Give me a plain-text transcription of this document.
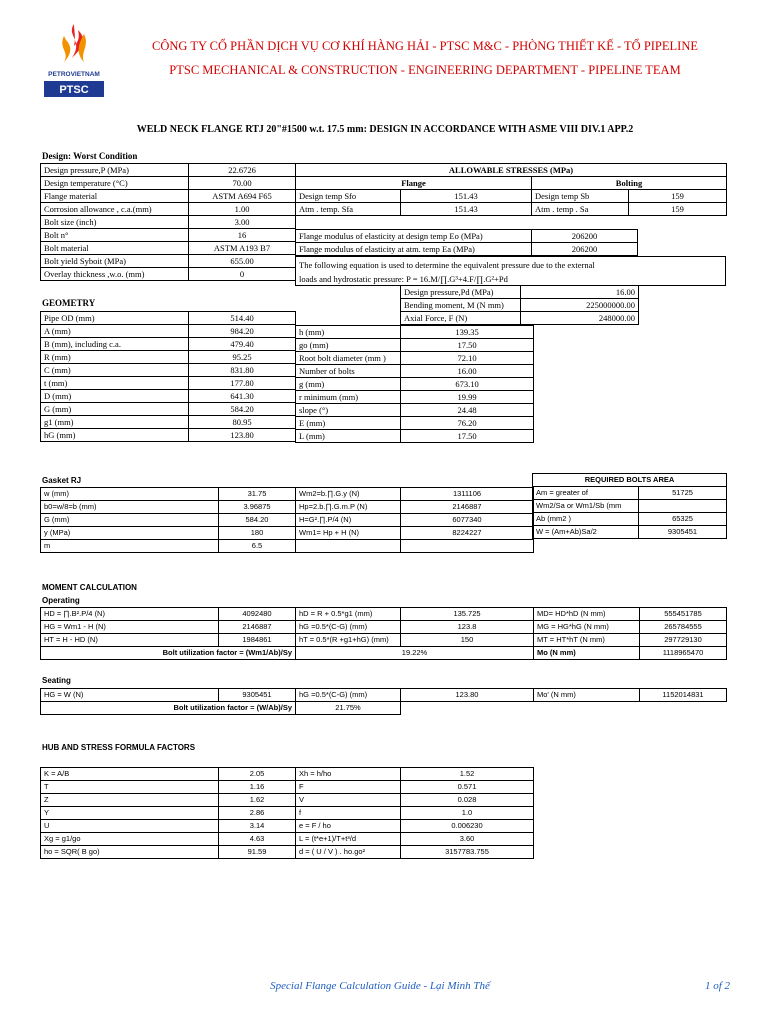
PETROVIETNAM
PTSC
CÔNG TY CỔ PHẦN DỊCH VỤ CƠ KHÍ HÀNG HẢI - PTSC M&C - PHÒNG THIẾT KẾ - TỔ PIPELINE
PTSC MECHANICAL & CONSTRUCTION - ENGINEERING DEPARTMENT - PIPELINE TEAM
WELD NECK FLANGE RTJ 20"#1500 w.t. 17.5 mm: DESIGN IN ACCORDANCE WITH ASME VIII DIV.1 APP.2
Design: Worst Condition
Design pressure,P (MPa)	22.6726
Design temperature (°C)	70.00
Flange material	ASTM A694 F65
Corrosion allowance , c.a.(mm)	1.00
Bolt size (inch)	3.00
Bolt n°	16
Bolt material	ASTM A193 B7
Bolt yield Syboit (MPa)	655.00
Overlay thickness ,w.o. (mm)	0
ALLOWABLE STRESSES (MPa)			
Flange		Bolting	
Design temp Sfo	151.43	Design temp Sb	159
Atm . temp. Sfa	151.43	Atm . temp . Sa	159
Flange modulus of elasticity at design temp Eo (MPa)	206200
Flange modulus of elasticity at atm. temp Ea (MPa)	206200
The following equation is used to determine the equivalent pressure due to the external
loads and hydrostatic pressure: P = 16.M/∏.G³+4.F/∏.G²+Pd
Design pressure,Pd (MPa)	16.00
Bending moment, M (N mm)	225000000.00
Axial Force, F (N)	248000.00
GEOMETRY
Pipe OD (mm)	514.40
A (mm)	984.20
B (mm), including c.a.	479.40
R (mm)	95.25
C (mm)	831.80
t (mm)	177.80
D (mm)	641.30
G (mm)	584.20
g1 (mm)	80.95
hG (mm)	123.80
h (mm)	139.35
go (mm)	17.50
Root bolt diameter (mm )	72.10
Number of bolts	16.00
g (mm)	673.10
r minimum (mm)	19.99
slope (°)	24.48
E (mm)	76.20
L (mm)	17.50
Gasket RJ
w (mm)	31.75	Wm2=b.∏.G.y (N)	1311106
b0=w/8=b (mm)	3.96875	Hp=2.b.∏.G.m.P (N)	2146887
G (mm)	584.20	H=G².∏.P/4 (N)	6077340
y (MPa)	180	Wm1= Hp + H (N)	8224227
m	6.5		
REQUIRED BOLTS AREA	
Am = greater of	51725
Wm2/Sa or Wm1/Sb (mm	
Ab (mm2 )	65325
W = (Am+Ab)Sa/2	9305451
MOMENT CALCULATION
Operating
HD = ∏.B².P/4 (N)	4092480	hD = R + 0.5*g1 (mm)	135.725	MD= HD*hD (N mm)	555451785
HG = Wm1 - H (N)	2146887	hG =0.5*(C-G) (mm)	123.8	MG = HG*hG (N mm)	265784555
HT = H - HD (N)	1984861	hT = 0.5*(R +g1+hG) (mm)	150	MT = HT*hT (N mm)	297729130
Bolt utilization factor = (Wm1/Ab)/Sy		19.22%		Mo (N mm)	1118965470
Seating
HG = W (N)	9305451	hG =0.5*(C-G) (mm)	123.80	Mo' (N mm)	1152014831
Bolt utilization factor = (W/Ab)/Sy		21.75%			
HUB AND STRESS FORMULA FACTORS
K = A/B	2.05	Xh = h/ho	1.52
T	1.16	F	0.571
Z	1.62	V	0.028
Y	2.86	f	1.0
U	3.14	e = F / ho	0.006230
Xg = g1/go	4.63	L = (t*e+1)/T+t³/d	3.60
ho = SQR( B go)	91.59	d = ( U / V ) . ho.go²	3157783.755
Special Flange Calculation Guide - Lại Minh Thế	1 of 2
